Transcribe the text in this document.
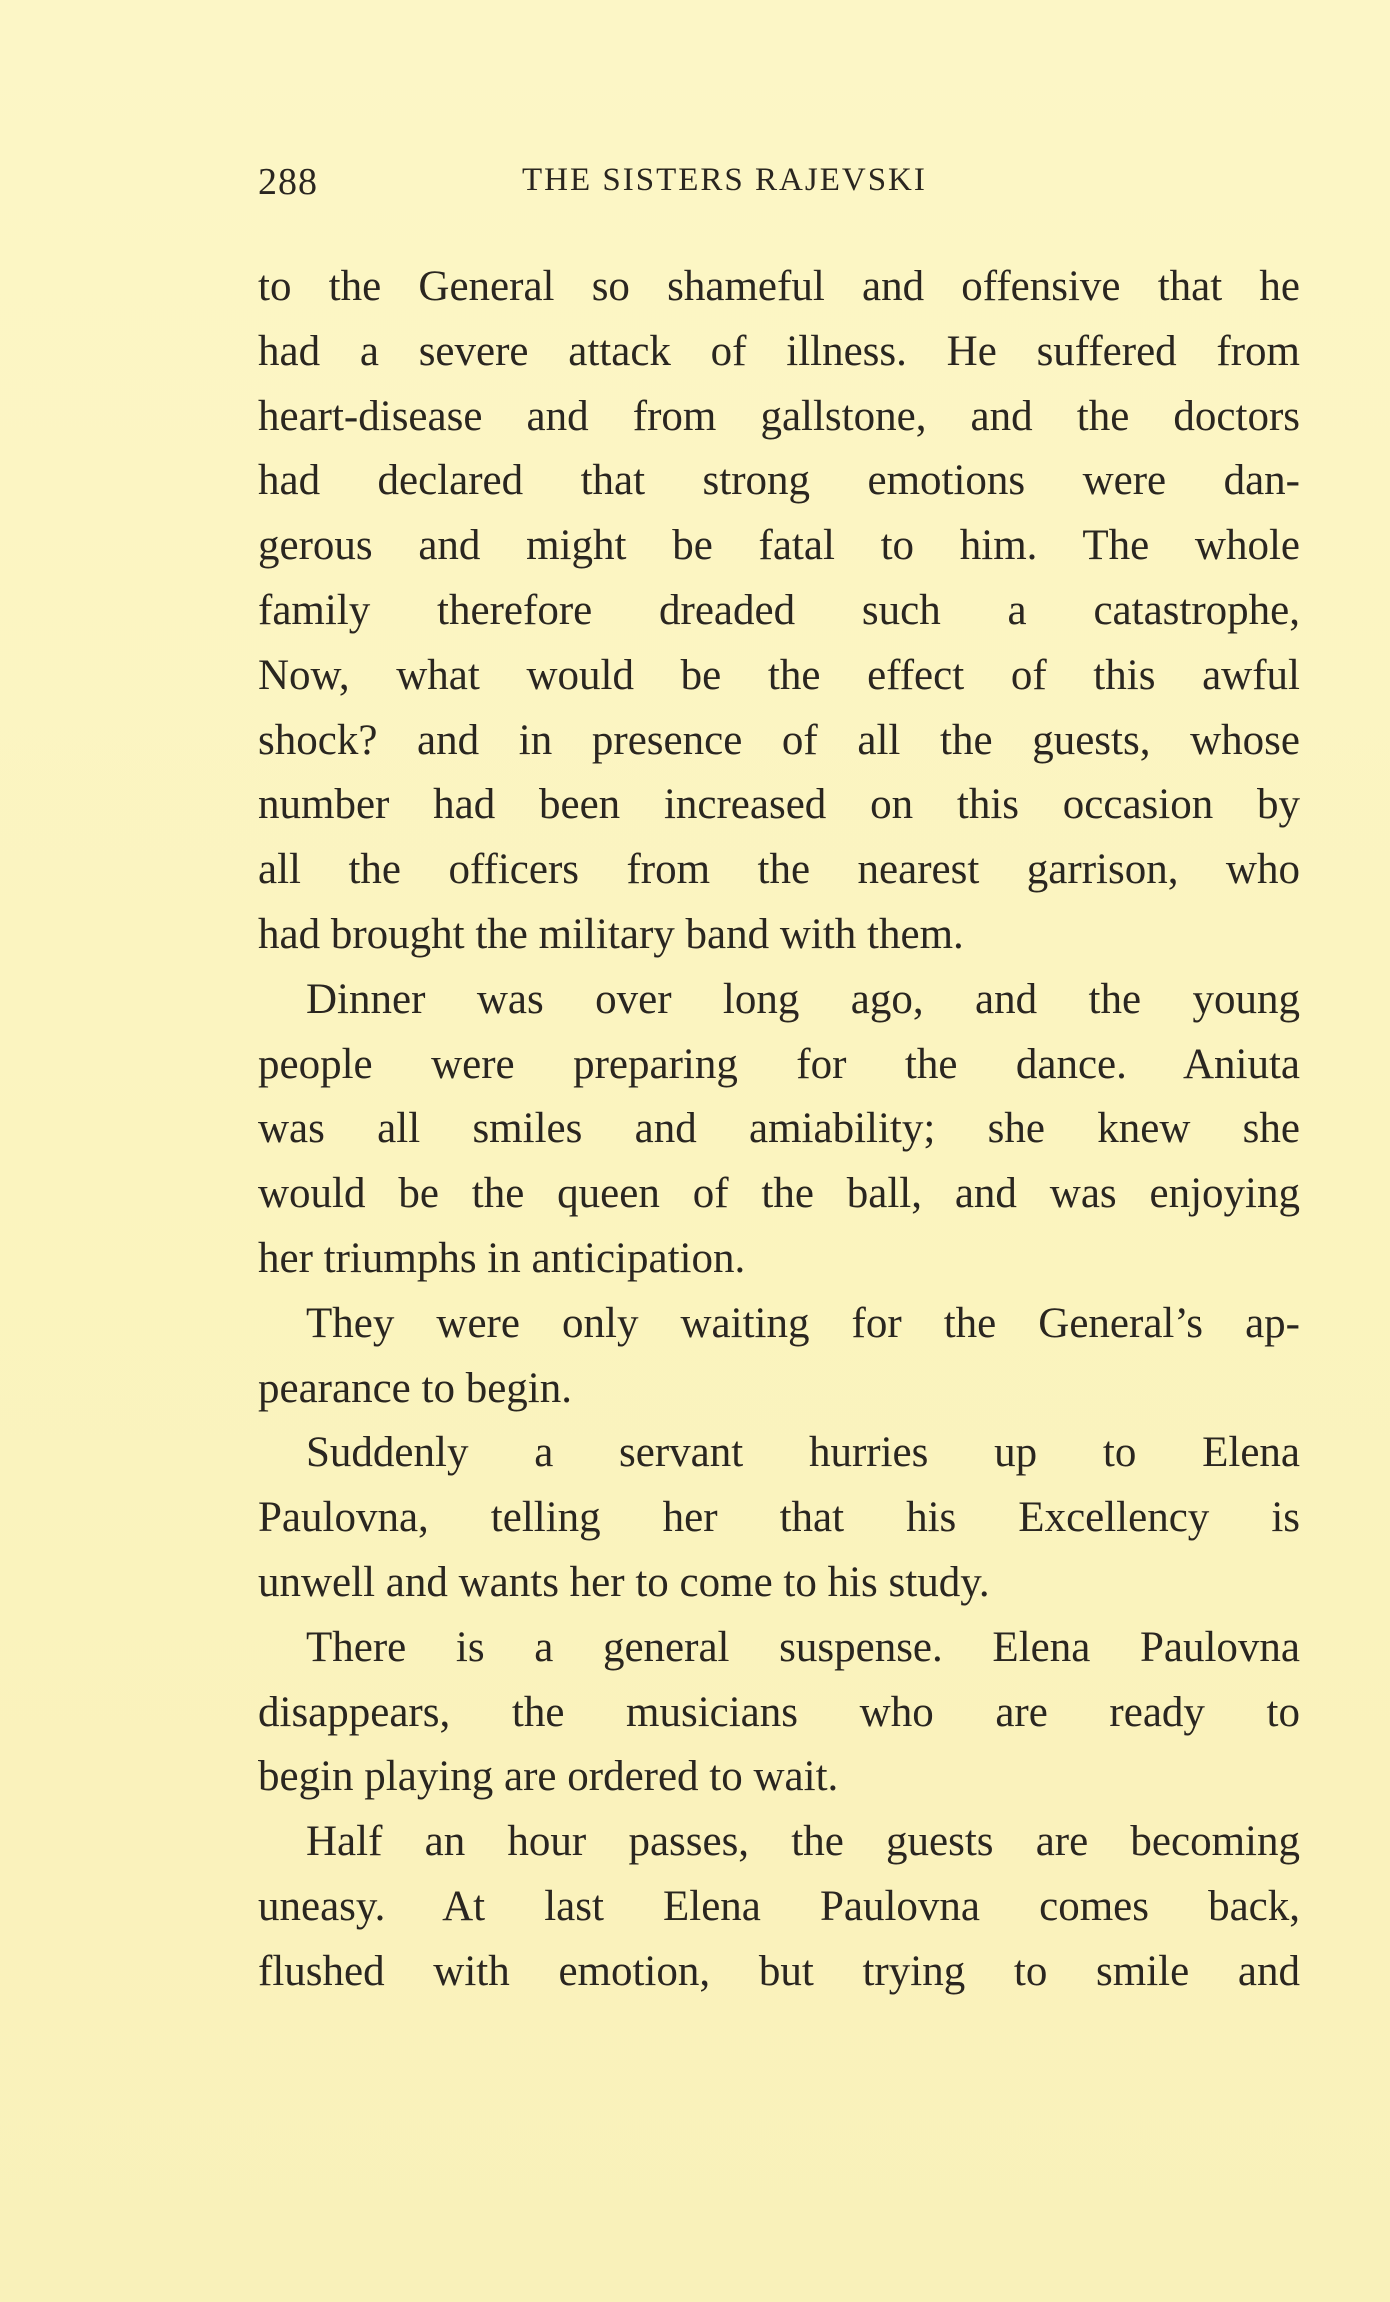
288	THE SISTERS RAJEVSKI
to the General so shameful and offensive that he
had a severe attack of illness. He suffered from
heart-disease and from gallstone, and the doctors
had declared that strong emotions were dan-
gerous and might be fatal to him. The whole
family therefore dreaded such a catastrophe,
Now, what would be the effect of this awful
shock? and in presence of all the guests, whose
number had been increased on this occasion by
all the officers from the nearest garrison, who
had brought the military band with them.
Dinner was over long ago, and the young
people were preparing for the dance. Aniuta
was all smiles and amiability; she knew she
would be the queen of the ball, and was enjoying
her triumphs in anticipation.
They were only waiting for the General’s ap-
pearance to begin.
Suddenly a servant hurries up to Elena
Paulovna, telling her that his Excellency is
unwell and wants her to come to his study.
There is a general suspense. Elena Paulovna
disappears, the musicians who are ready to
begin playing are ordered to wait.
Half an hour passes, the guests are becoming
uneasy. At last Elena Paulovna comes back,
flushed with emotion, but trying to smile and
